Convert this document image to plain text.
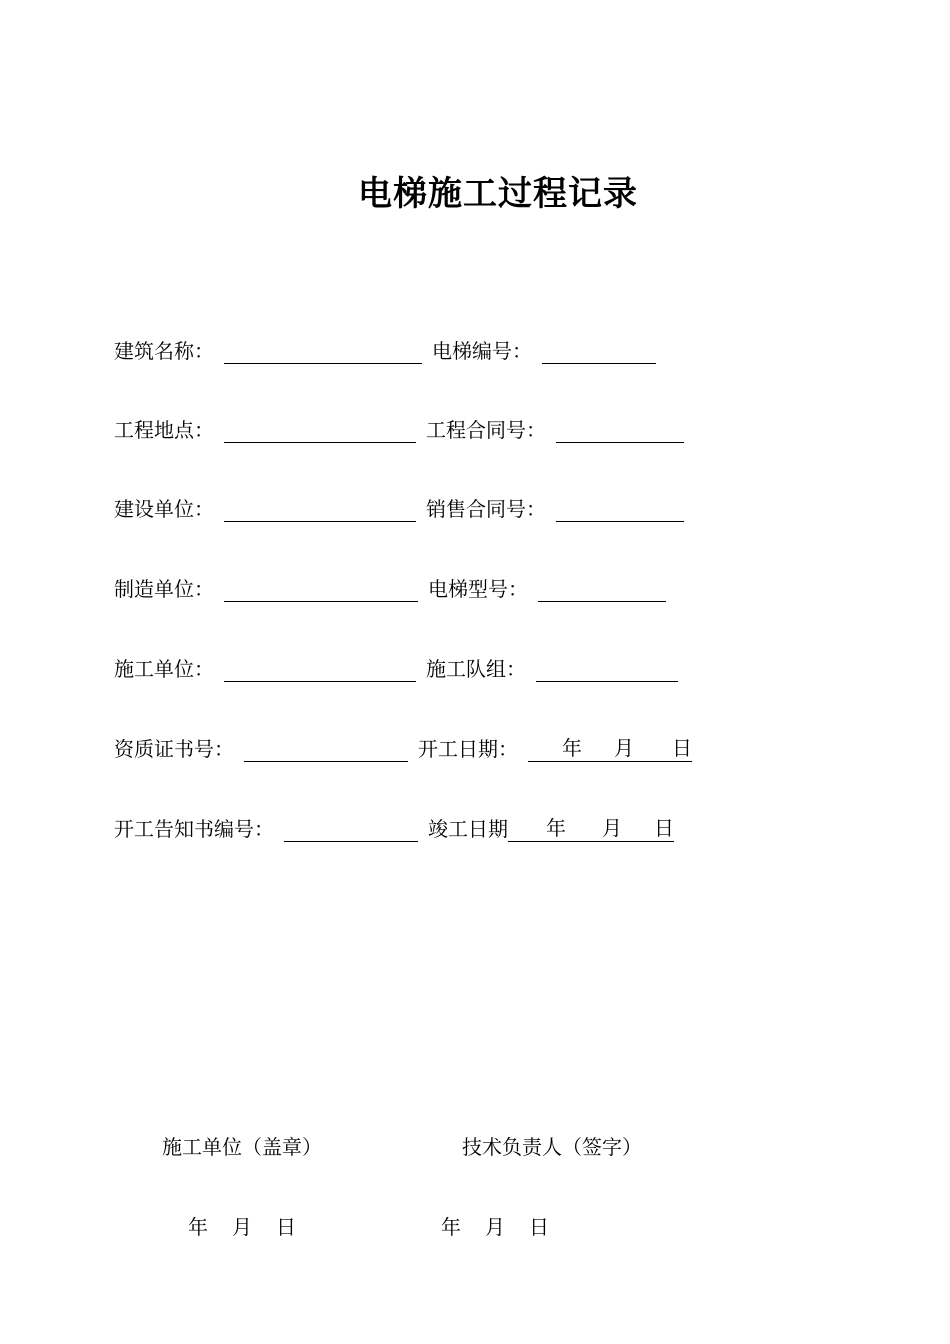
电梯施工过程记录
建筑名称：	电梯编号：
工程地点：	工程合同号：
建设单位：	销售合同号：
制造单位：	电梯型号：
施工单位：	施工队组：
资质证书号：	开工日期： 年 月 日
开工告知书编号：	竣工日期 年 月 日
施工单位（盖章）	技术负责人（签字）
年 月 日	年 月 日
